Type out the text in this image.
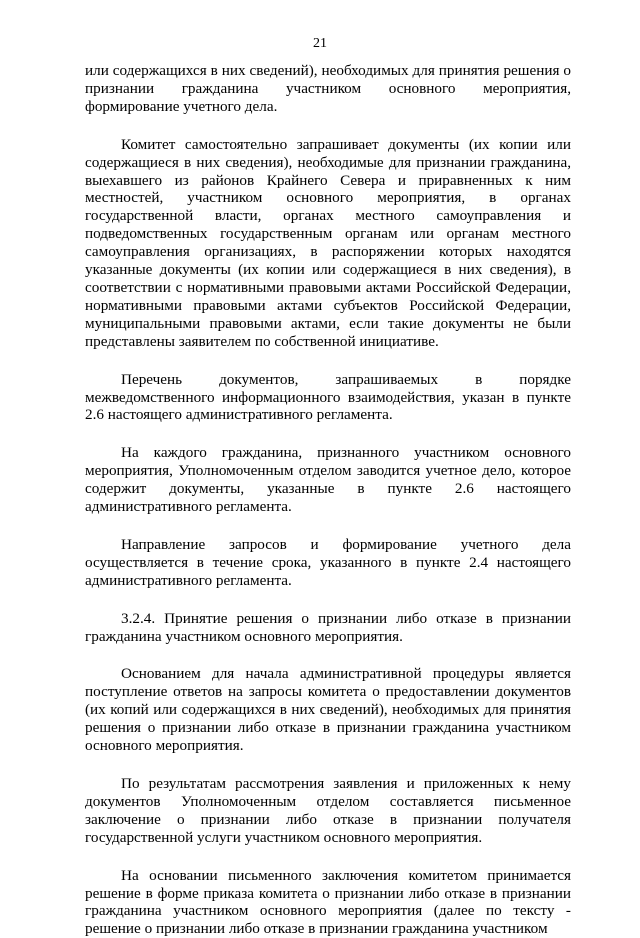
21

или содержащихся в них сведений), необходимых для принятия решения о признании гражданина участником основного мероприятия, формирование учетного дела.

Комитет самостоятельно запрашивает документы (их копии или содержащиеся в них сведения), необходимые для признании гражданина, выехавшего из районов Крайнего Севера и приравненных к ним местностей, участником основного мероприятия, в органах государственной власти, органах местного самоуправления и подведомственных государственным органам или органам местного самоуправления организациях, в распоряжении которых находятся указанные документы (их копии или содержащиеся в них сведения), в соответствии с нормативными правовыми актами Российской Федерации, нормативными правовыми актами субъектов Российской Федерации, муниципальными правовыми актами, если такие документы не были представлены заявителем по собственной инициативе.

Перечень документов, запрашиваемых в порядке межведомственного информационного взаимодействия, указан в пункте 2.6 настоящего административного регламента.

На каждого гражданина, признанного участником основного мероприятия, Уполномоченным отделом заводится учетное дело, которое содержит документы, указанные в пункте 2.6 настоящего административного регламента.

Направление запросов и формирование учетного дела осуществляется в течение срока, указанного в пункте 2.4 настоящего административного регламента.

3.2.4. Принятие решения о признании либо отказе в признании гражданина участником основного мероприятия.

Основанием для начала административной процедуры является поступление ответов на запросы комитета о предоставлении документов (их копий или содержащихся в них сведений), необходимых для принятия решения о признании либо отказе в признании гражданина участником основного мероприятия.

По результатам рассмотрения заявления и приложенных к нему документов Уполномоченным отделом составляется письменное заключение о признании либо отказе в признании получателя государственной услуги участником основного мероприятия.

На основании письменного заключения комитетом принимается решение в форме приказа комитета о признании либо отказе в признании гражданина участником основного мероприятия (далее по тексту - решение о признании либо отказе в признании гражданина участником
